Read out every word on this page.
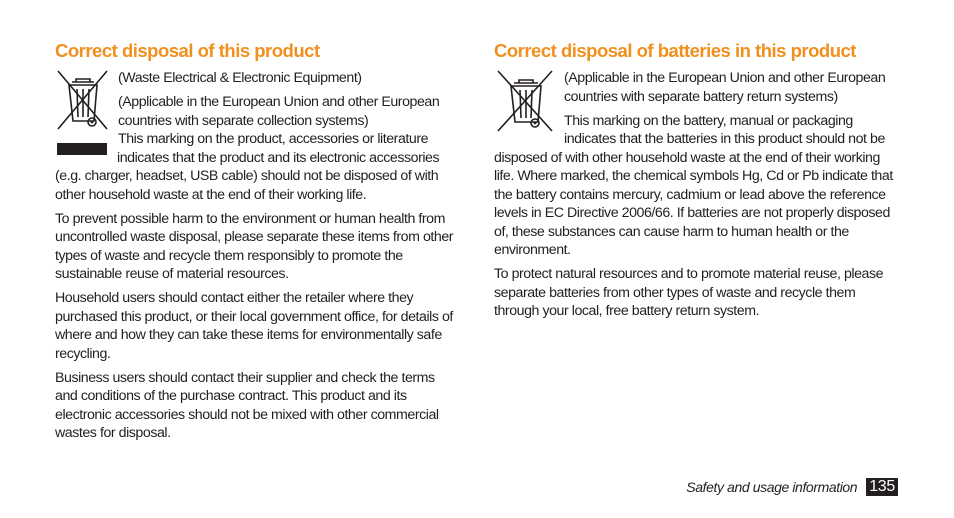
Correct disposal of this product

(Waste Electrical & Electronic Equipment)

(Applicable in the European Union and other European countries with separate collection systems)

This marking on the product, accessories or literature indicates that the product and its electronic accessories (e.g. charger, headset, USB cable) should not be disposed of with other household waste at the end of their working life.

To prevent possible harm to the environment or human health from uncontrolled waste disposal, please separate these items from other types of waste and recycle them responsibly to promote the sustainable reuse of material resources.

Household users should contact either the retailer where they purchased this product, or their local government office, for details of where and how they can take these items for environmentally safe recycling.

Business users should contact their supplier and check the terms and conditions of the purchase contract. This product and its electronic accessories should not be mixed with other commercial wastes for disposal.

Correct disposal of batteries in this product

(Applicable in the European Union and other European countries with separate battery return systems)

This marking on the battery, manual or packaging indicates that the batteries in this product should not be disposed of with other household waste at the end of their working life. Where marked, the chemical symbols Hg, Cd or Pb indicate that the battery contains mercury, cadmium or lead above the reference levels in EC Directive 2006/66. If batteries are not properly disposed of, these substances can cause harm to human health or the environment.

To protect natural resources and to promote material reuse, please separate batteries from other types of waste and recycle them through your local, free battery return system.

Safety and usage information 135
